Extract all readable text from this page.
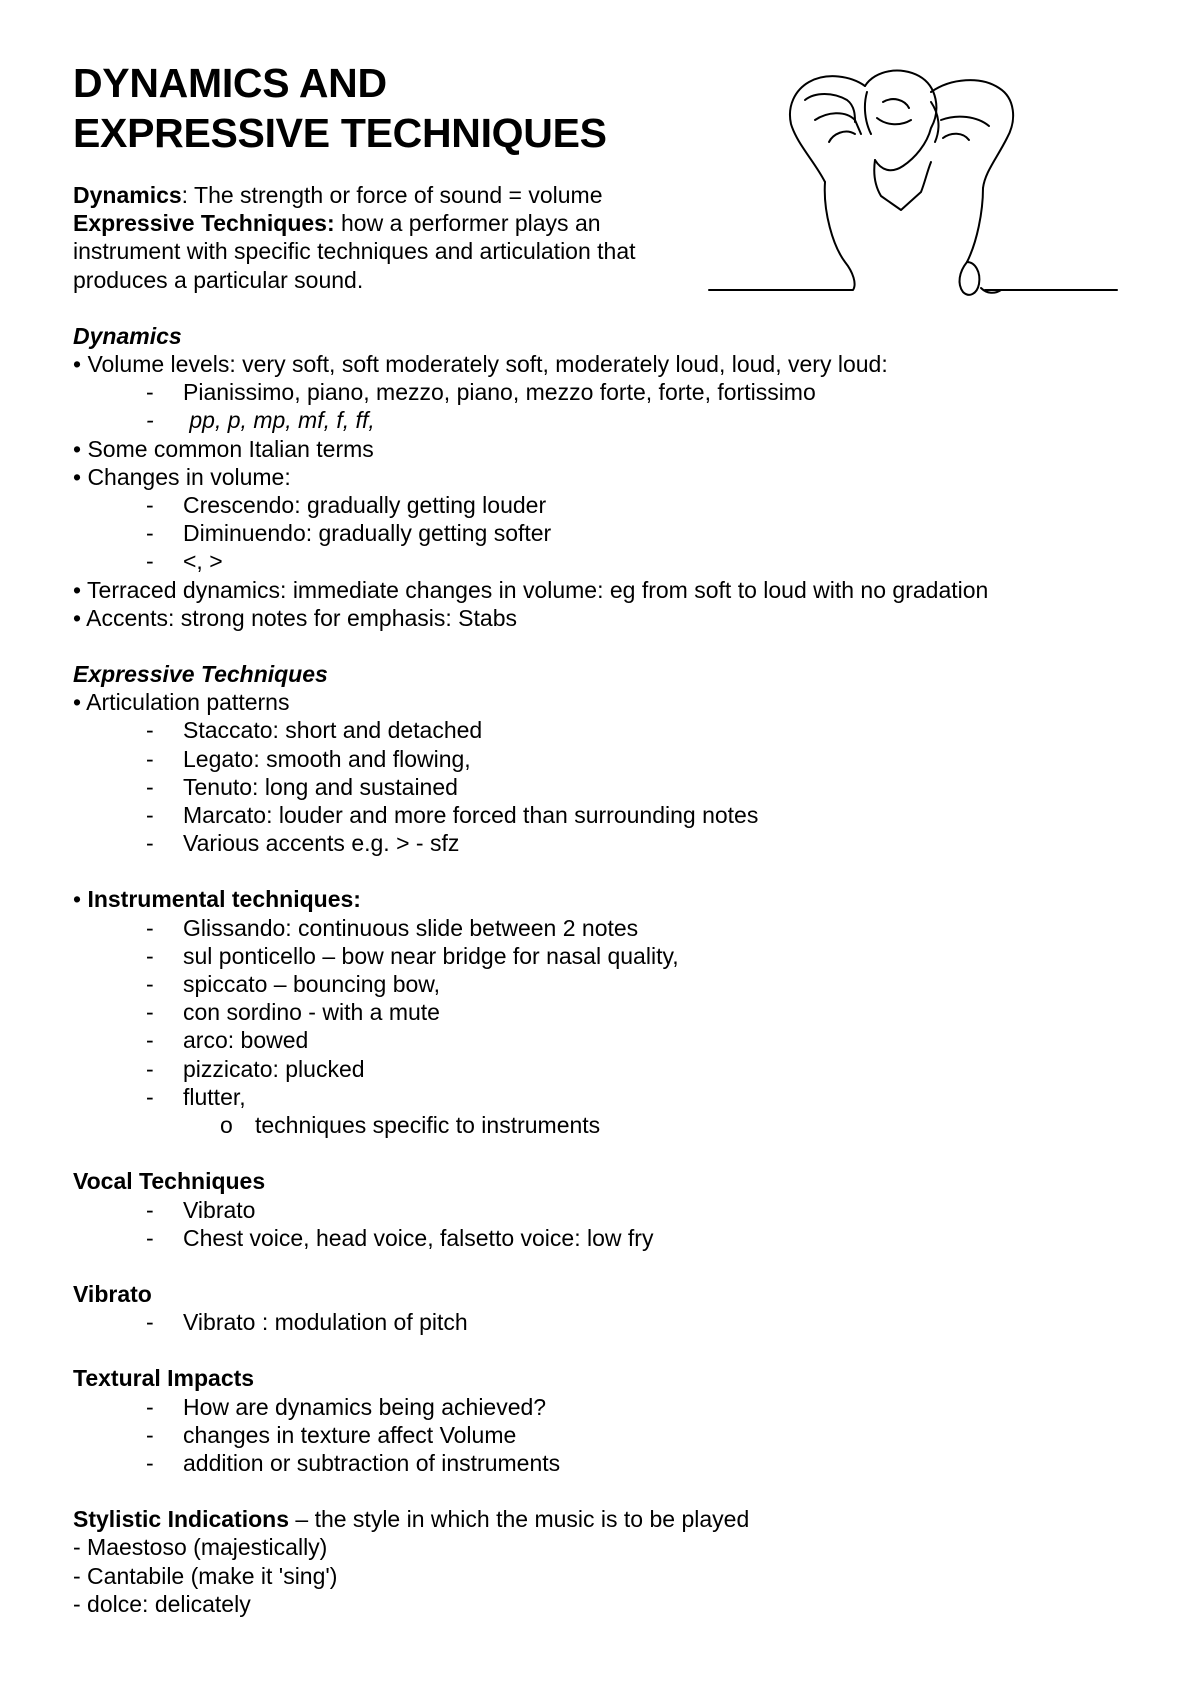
DYNAMICS AND
EXPRESSIVE TECHNIQUES

Dynamics: The strength or force of sound = volume

Expressive Techniques: how a performer plays an

instrument with specific techniques and articulation that

produces a particular sound.

Dynamics

• Volume levels: very soft, soft moderately soft, moderately loud, loud, very loud:

- Pianissimo, piano, mezzo, piano, mezzo forte, forte, fortissimo

-  pp, p, mp, mf, f, ff,

• Some common Italian terms

• Changes in volume:

- Crescendo: gradually getting louder

- Diminuendo: gradually getting softer

- <, >

• Terraced dynamics: immediate changes in volume: eg from soft to loud with no gradation

• Accents: strong notes for emphasis: Stabs

Expressive Techniques

• Articulation patterns

- Staccato: short and detached

- Legato: smooth and flowing,

- Tenuto: long and sustained

- Marcato: louder and more forced than surrounding notes

- Various accents e.g. > - sfz

• Instrumental techniques:

- Glissando: continuous slide between 2 notes

- sul ponticello – bow near bridge for nasal quality,

- spiccato – bouncing bow,

- con sordino - with a mute

- arco: bowed

- pizzicato: plucked

- flutter,

o techniques specific to instruments

Vocal Techniques

- Vibrato

- Chest voice, head voice, falsetto voice: low fry

Vibrato

- Vibrato : modulation of pitch

Textural Impacts

- How are dynamics being achieved?

- changes in texture affect Volume

- addition or subtraction of instruments

Stylistic Indications – the style in which the music is to be played

- Maestoso (majestically)

- Cantabile (make it 'sing')

- dolce: delicately
